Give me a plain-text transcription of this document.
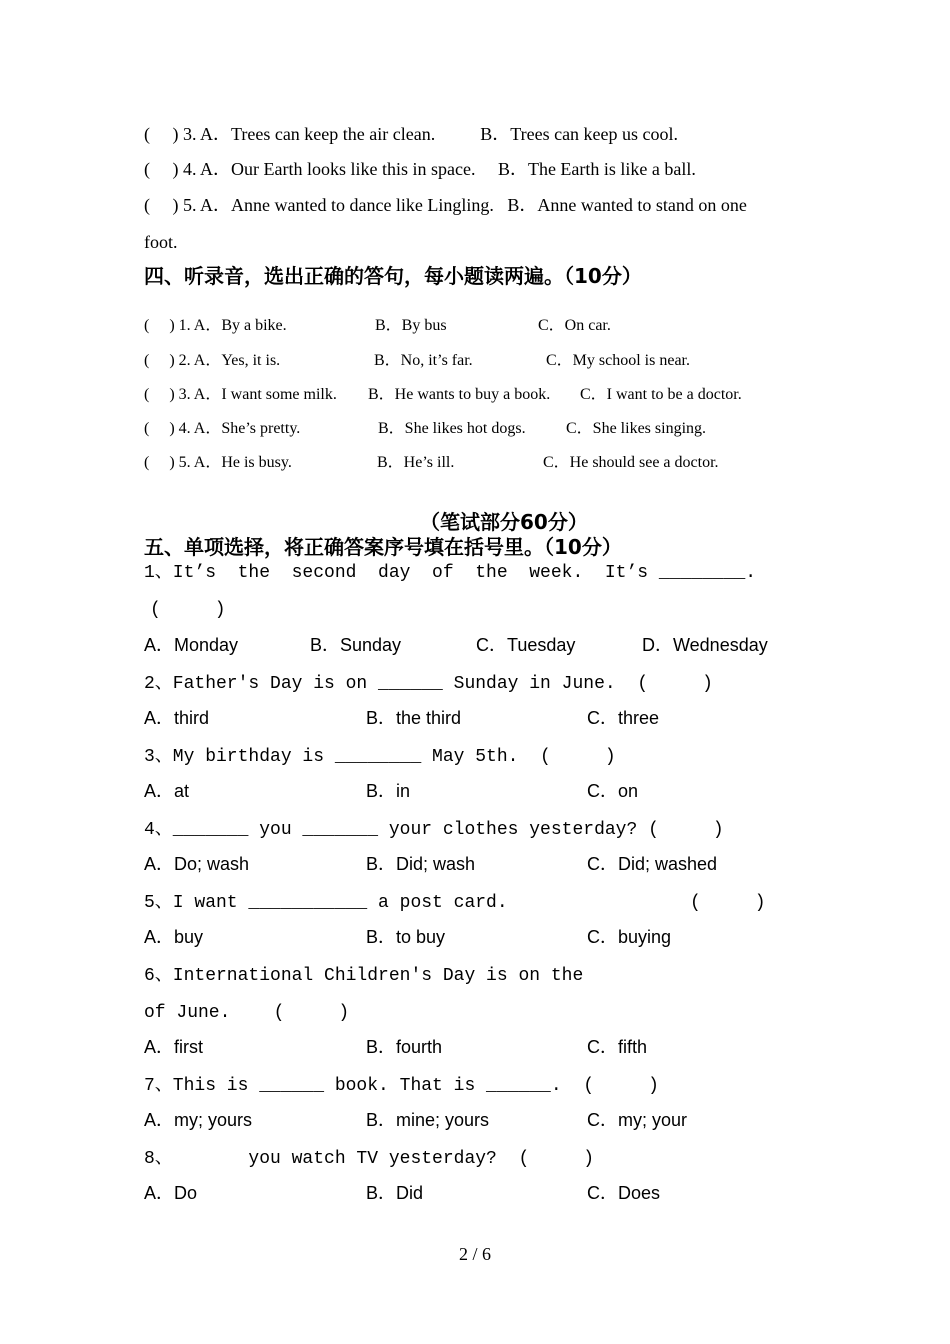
(     ) 3. A．Trees can keep the air clean.          B．Trees can keep us cool.
(     ) 4. A．Our Earth looks like this in space.     B．The Earth is like a ball.
(     ) 5. A．Anne wanted to dance like Lingling.   B．Anne wanted to stand on one
foot.
四、听录音，选出正确的答句，每小题读两遍。（10分）
(     ) 1. A．By a bike.	B．By bus	C．On car.
(     ) 2. A．Yes, it is.	B．No, it’s far.	C．My school is near.
(     ) 3. A．I want some milk. B．He wants to buy a book. C．I want to be a doctor.
(     ) 4. A．She’s pretty.	B．She likes hot dogs.	C．She likes singing.
(     ) 5. A．He is busy.	B．He’s ill.	C．He should see a doctor.
（笔试部分60分）
五、单项选择，将正确答案序号填在括号里。（10分）
1、It’s  the  second  day  of  the  week.  It’s ________.
(     )
A．Monday	B．Sunday	C．Tuesday	D．Wednesday
2、Father's Day is on ______ Sunday in June.  (     )
A．third	B．the third	C．three
3、My birthday is ________ May 5th.  (     )
A．at	B．in	C．on
4、_______ you _______ your clothes yesterday? (     )
A．Do; wash	B．Did; wash	C．Did; washed
5、I want ___________ a post card.	(     )
A．buy	B．to buy	C．buying
6、International Children's Day is on the
of June.    (     )
A．first	B．fourth	C．fifth
7、This is ______ book. That is ______.  (     )
A．my; yours	B．mine; yours	C．my; your
8、       you watch TV yesterday?  (     )
A．Do	B．Did	C．Does
2 / 6
